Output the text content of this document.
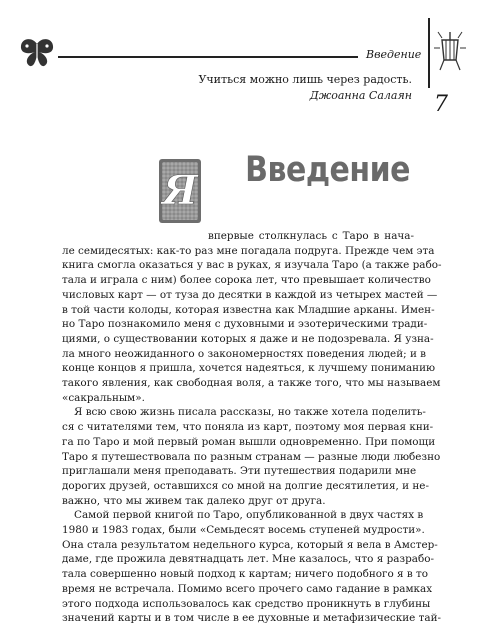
Введение
7
Учиться можно лишь через радость.
Джоанна Салаян
Введение
Я
впервые столкнулась с Таро в нача-
ле семидесятых: как-то раз мне погадала подруга. Прежде чем эта
книга смогла оказаться у вас в руках, я изучала Таро (а также рабо-
тала и играла с ним) более сорока лет, что превышает количество
числовых карт — от туза до десятки в каждой из четырех мастей —
в той части колоды, которая известна как Младшие арканы. Имен-
но Таро познакомило меня с духовными и эзотерическими тради-
циями, о существовании которых я даже и не подозревала. Я узна-
ла много неожиданного о закономерностях поведения людей; и в
конце концов я пришла, хочется надеяться, к лучшему пониманию
такого явления, как свободная воля, а также того, что мы называем
«сакральным».
Я всю свою жизнь писала рассказы, но также хотела поделить-
ся с читателями тем, что поняла из карт, поэтому моя первая кни-
га по Таро и мой первый роман вышли одновременно. При помощи
Таро я путешествовала по разным странам — разные люди любезно
приглашали меня преподавать. Эти путешествия подарили мне
дорогих друзей, оставшихся со мной на долгие десятилетия, и не-
важно, что мы живем так далеко друг от друга.
Самой первой книгой по Таро, опубликованной в двух частях в
1980 и 1983 годах, были «Семьдесят восемь ступеней мудрости».
Она стала результатом недельного курса, который я вела в Амстер-
даме, где прожила девятнадцать лет. Мне казалось, что я разрабо-
тала совершенно новый подход к картам; ничего подобного я в то
время не встречала. Помимо всего прочего само гадание в рамках
этого подхода использовалось как средство проникнуть в глубины
значений карты и в том числе в ее духовные и метафизические тай-
